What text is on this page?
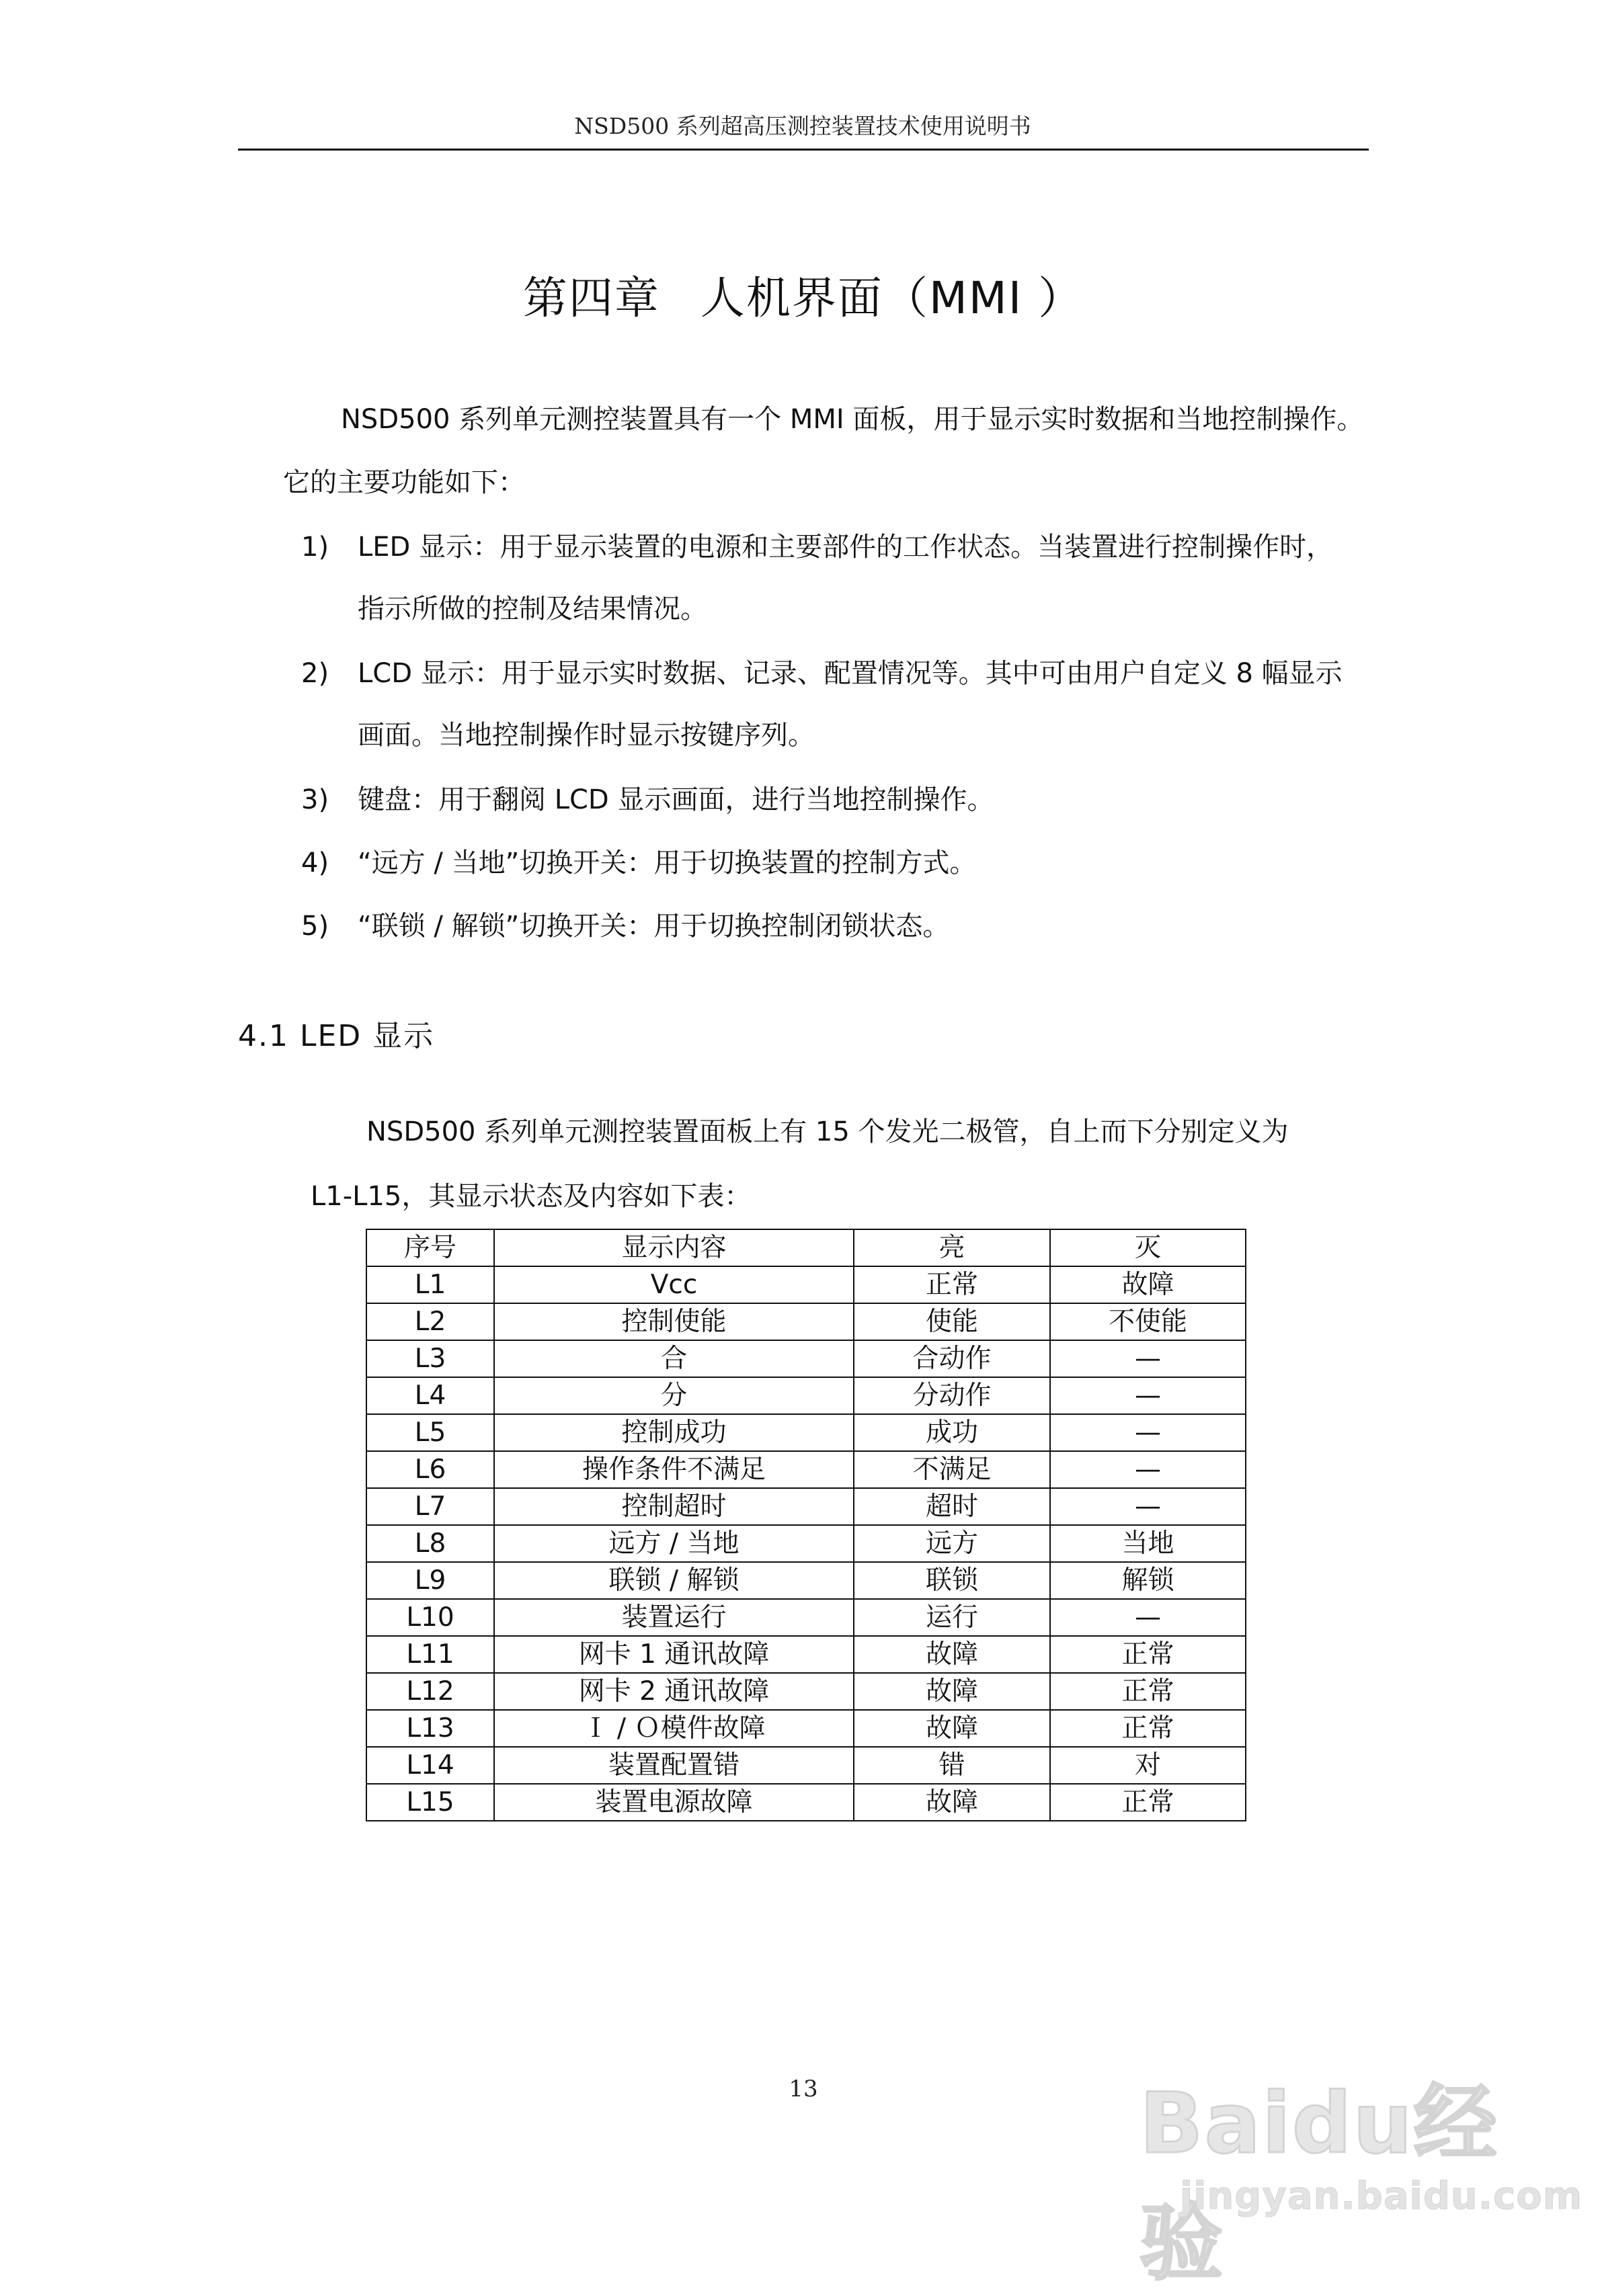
NSD500 系列超高压测控装置技术使用说明书
第四章 人机界面（MMI ）
NSD500 系列单元测控装置具有一个 MMI 面板，用于显示实时数据和当地控制操作。
它的主要功能如下：
1) LED 显示：用于显示装置的电源和主要部件的工作状态。当装置进行控制操作时，
指示所做的控制及结果情况。
2) LCD 显示：用于显示实时数据、记录、配置情况等。其中可由用户自定义 8 幅显示
画面。当地控制操作时显示按键序列。
3) 键盘：用于翻阅 LCD 显示画面，进行当地控制操作。
4) “远方 / 当地”切换开关：用于切换装置的控制方式。
5) “联锁 / 解锁”切换开关：用于切换控制闭锁状态。
4.1 LED 显示
NSD500 系列单元测控装置面板上有 15 个发光二极管，自上而下分别定义为
L1-L15，其显示状态及内容如下表：
序号	显示内容	亮	灭
L1	Vcc	正常	故障
L2	控制使能	使能	不使能
L3	合	合动作	—
L4	分	分动作	—
L5	控制成功	成功	—
L6	操作条件不满足	不满足	—
L7	控制超时	超时	—
L8	远方 / 当地	远方	当地
L9	联锁 / 解锁	联锁	解锁
L10	装置运行	运行	—
L11	网卡 1 通讯故障	故障	正常
L12	网卡 2 通讯故障	故障	正常
L13	Ｉ / Ｏ模件故障	故障	正常
L14	装置配置错	错	对
L15	装置电源故障	故障	正常
13	Baidu经验
jingyan.baidu.com
